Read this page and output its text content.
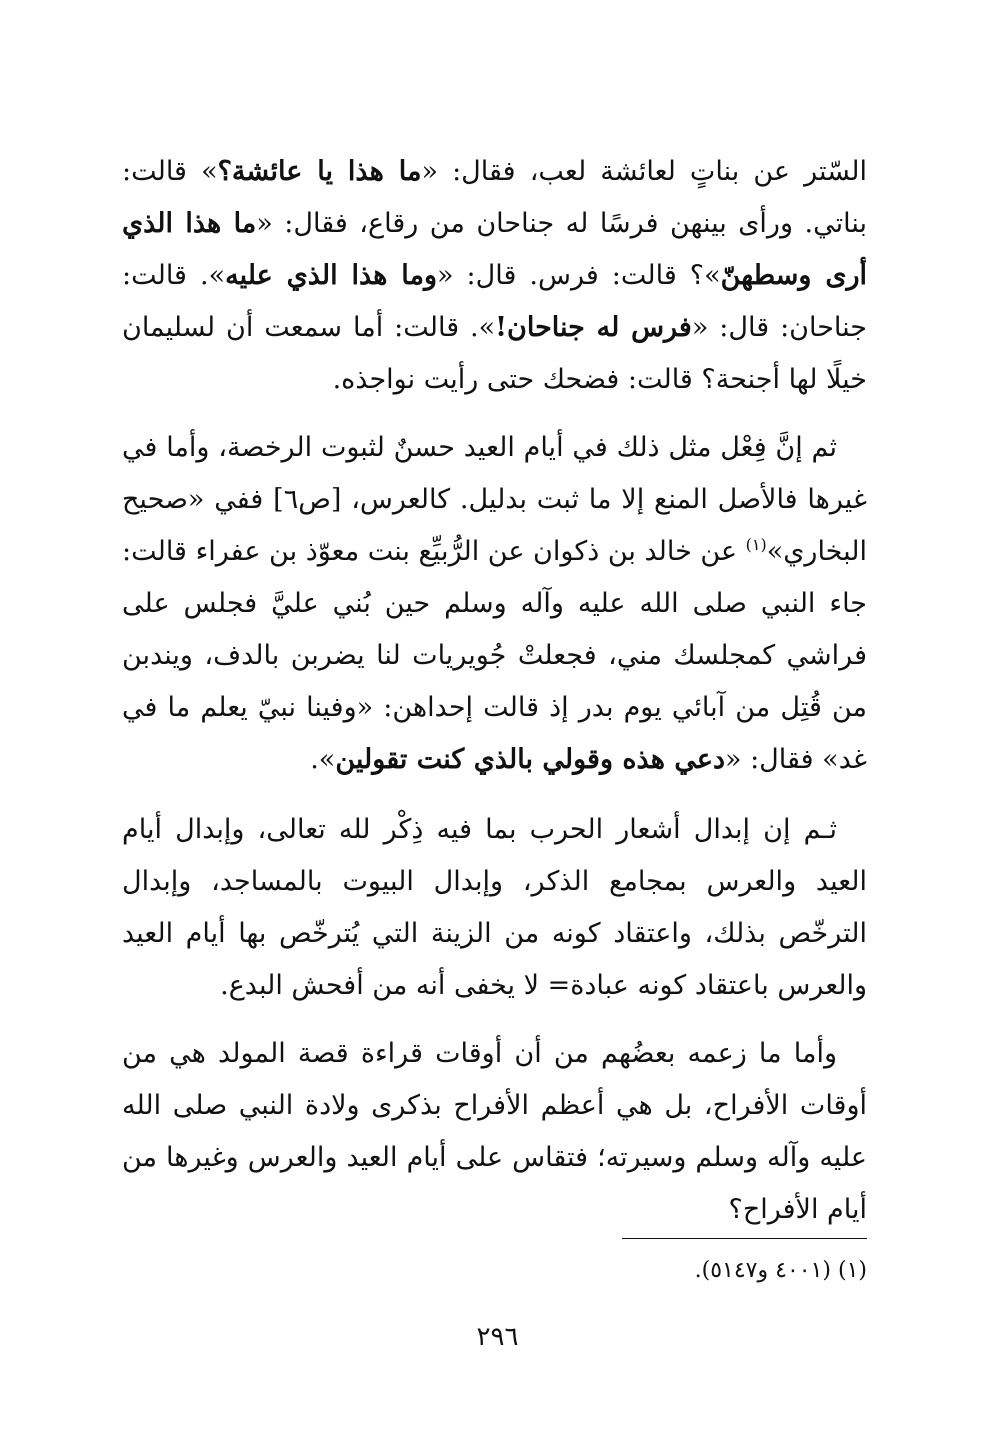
السّتر عن بناتٍ لعائشة لعب، فقال: «ما هذا يا عائشة؟» قالت: بناتي. ورأى بينهن فرسًا له جناحان من رقاع، فقال: «ما هذا الذي أرى وسطهنّ»؟ قالت: فرس. قال: «وما هذا الذي عليه». قالت: جناحان: قال: «فرس له جناحان!». قالت: أما سمعت أن لسليمان خيلًا لها أجنحة؟ قالت: فضحك حتى رأيت نواجذه.

ثم إنَّ فِعْل مثل ذلك في أيام العيد حسنٌ لثبوت الرخصة، وأما في غيرها فالأصل المنع إلا ما ثبت بدليل. كالعرس، [ص٦] ففي «صحيح البخاري»$^{(١)}$ عن خالد بن ذكوان عن الرُّبيِّع بنت معوّذ بن عفراء قالت: جاء النبي صلى الله عليه وآله وسلم حين بُني عليَّ فجلس على فراشي كمجلسك مني، فجعلتْ جُويريات لنا يضربن بالدف، ويندبن من قُتِل من آبائي يوم بدر إذ قالت إحداهن: «وفينا نبيّ يعلم ما في غد» فقال: «دعي هذه وقولي بالذي كنت تقولين».

ثـم إن إبدال أشعار الحرب بما فيه ذِكْر لله تعالى، وإبدال أيام العيد والعرس بمجامع الذكر، وإبدال البيوت بالمساجد، وإبدال الترخّص بذلك، واعتقاد كونه من الزينة التي يُترخّص بها أيام العيد والعرس باعتقاد كونه عبادة= لا يخفى أنه من أفحش البدع.

وأما ما زعمه بعضُهم من أن أوقات قراءة قصة المولد هي من أوقات الأفراح، بل هي أعظم الأفراح بذكرى ولادة النبي صلى الله عليه وآله وسلم وسيرته؛ فتقاس على أيام العيد والعرس وغيرها من أيام الأفراح؟

(١) (٤٠٠١ و٥١٤٧).
٢٩٦
